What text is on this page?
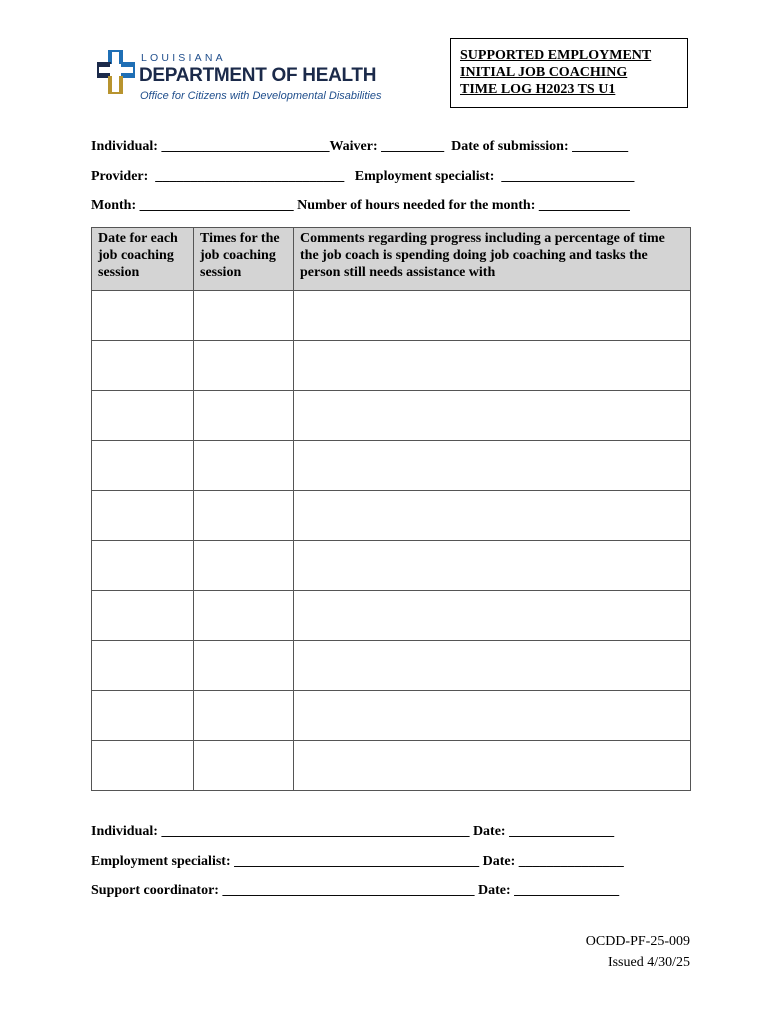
LOUISIANA
DEPARTMENT OF HEALTH
Office for Citizens with Developmental Disabilities
SUPPORTED EMPLOYMENT
INITIAL JOB COACHING
TIME LOG H2023 TS U1
Individual: ________________________Waiver: _________ Date of submission: ________
Provider: ___________________________ Employment specialist: ___________________
Month: ______________________ Number of hours needed for the month: _____________
Date for each job coaching session	Times for the job coaching session	Comments regarding progress including a percentage of time the job coach is spending doing job coaching and tasks the person still needs assistance with

Individual: ____________________________________________ Date: _______________
Employment specialist: ___________________________________ Date: _______________
Support coordinator: ____________________________________ Date: _______________
OCDD-PF-25-009
Issued 4/30/25
